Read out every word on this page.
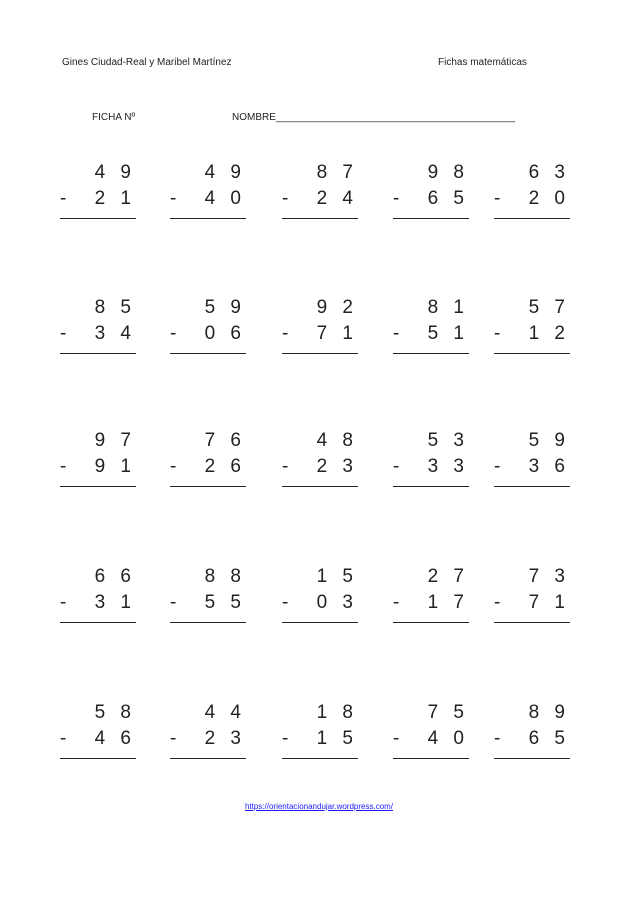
Gines Ciudad-Real y Maribel Martínez	Fichas matemáticas
FICHA Nº	NOMBRE___________________________________________
4 9
- 2 1
4 9
- 4 0
8 7
- 2 4
9 8
- 6 5
6 3
- 2 0
8 5
- 3 4
5 9
- 0 6
9 2
- 7 1
8 1
- 5 1
5 7
- 1 2
9 7
- 9 1
7 6
- 2 6
4 8
- 2 3
5 3
- 3 3
5 9
- 3 6
6 6
- 3 1
8 8
- 5 5
1 5
- 0 3
2 7
- 1 7
7 3
- 7 1
5 8
- 4 6
4 4
- 2 3
1 8
- 1 5
7 5
- 4 0
8 9
- 6 5
https://orientacionandujar.wordpress.com/
